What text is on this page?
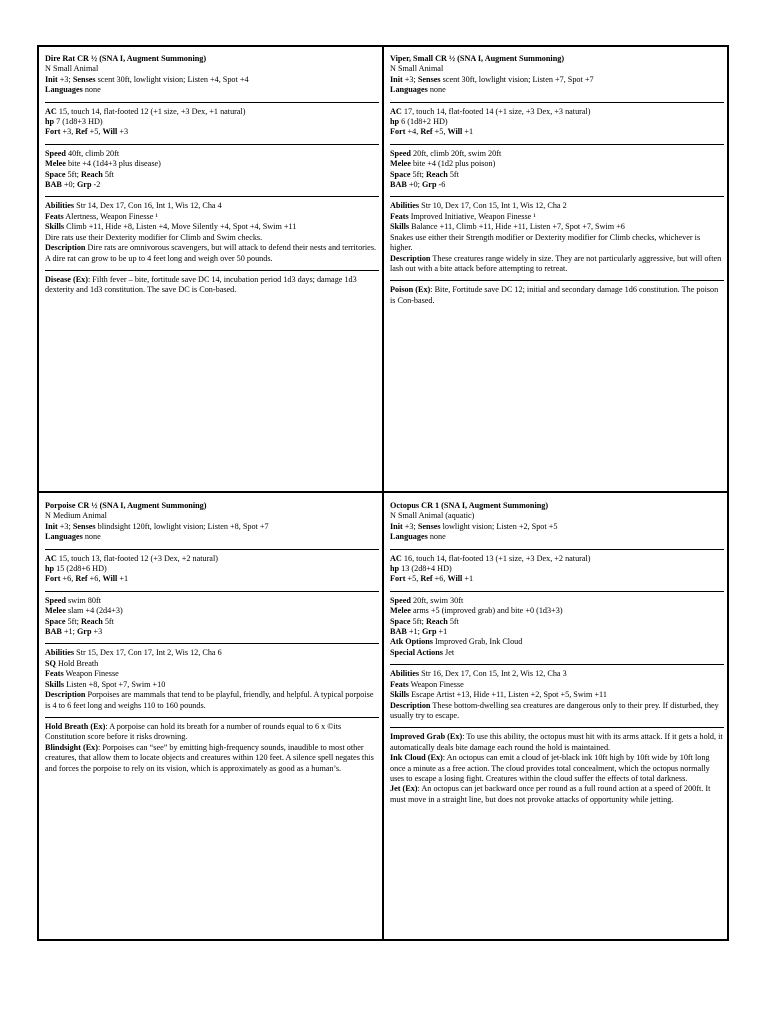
Dire Rat CR ½ (SNA I, Augment Summoning)
N Small Animal
Init +3; Senses scent 30ft, lowlight vision; Listen +4, Spot +4
Languages none
AC 15, touch 14, flat-footed 12 (+1 size, +3 Dex, +1 natural)
hp 7 (1d8+3 HD)
Fort +3, Ref +5, Will +3
Speed 40ft, climb 20ft
Melee bite +4 (1d4+3 plus disease)
Space 5ft; Reach 5ft
BAB +0; Grp -2
Abilities Str 14, Dex 17, Con 16, Int 1, Wis 12, Cha 4
Feats Alertness, Weapon Finesse ¹
Skills Climb +11, Hide +8, Listen +4, Move Silently +4, Spot +4, Swim +11
Dire rats use their Dexterity modifier for Climb and Swim checks.
Description Dire rats are omnivorous scavengers, but will attack to defend their nests and territories. A dire rat can grow to be up to 4 feet long and weigh over 50 pounds.
Disease (Ex): Filth fever – bite, fortitude save DC 14, incubation period 1d3 days; damage 1d3 dexterity and 1d3 constitution. The save DC is Con-based.
Viper, Small CR ½ (SNA I, Augment Summoning)
N Small Animal
Init +3; Senses scent 30ft, lowlight vision; Listen +7, Spot +7
Languages none
AC 17, touch 14, flat-footed 14 (+1 size, +3 Dex, +3 natural)
hp 6 (1d8+2 HD)
Fort +4, Ref +5, Will +1
Speed 20ft, climb 20ft, swim 20ft
Melee bite +4 (1d2 plus poison)
Space 5ft; Reach 5ft
BAB +0; Grp -6
Abilities Str 10, Dex 17, Con 15, Int 1, Wis 12, Cha 2
Feats Improved Initiative, Weapon Finesse ¹
Skills Balance +11, Climb +11, Hide +11, Listen +7, Spot +7, Swim +6
Snakes use either their Strength modifier or Dexterity modifier for Climb checks, whichever is higher.
Description These creatures range widely in size. They are not particularly aggressive, but will often lash out with a bite attack before attempting to retreat.
Poison (Ex): Bite, Fortitude save DC 12; initial and secondary damage 1d6 constitution. The poison is Con-based.
Porpoise CR ½ (SNA I, Augment Summoning)
N Medium Animal
Init +3; Senses blindsight 120ft, lowlight vision; Listen +8, Spot +7
Languages none
AC 15, touch 13, flat-footed 12 (+3 Dex, +2 natural)
hp 15 (2d8+6 HD)
Fort +6, Ref +6, Will +1
Speed swim 80ft
Melee slam +4 (2d4+3)
Space 5ft; Reach 5ft
BAB +1; Grp +3
Abilities Str 15, Dex 17, Con 17, Int 2, Wis 12, Cha 6
SQ Hold Breath
Feats Weapon Finesse
Skills Listen +8, Spot +7, Swim +10
Description Porpoises are mammals that tend to be playful, friendly, and helpful. A typical porpoise is 4 to 6 feet long and weighs 110 to 160 pounds.
Hold Breath (Ex): A porpoise can hold its breath for a number of rounds equal to 6 x ©its Constitution score before it risks drowning.
Blindsight (Ex): Porpoises can “see” by emitting high-frequency sounds, inaudible to most other creatures, that allow them to locate objects and creatures within 120 feet. A silence spell negates this and forces the porpoise to rely on its vision, which is approximately as good as a human’s.
Octopus CR 1 (SNA I, Augment Summoning)
N Small Animal (aquatic)
Init +3; Senses lowlight vision; Listen +2, Spot +5
Languages none
AC 16, touch 14, flat-footed 13 (+1 size, +3 Dex, +2 natural)
hp 13 (2d8+4 HD)
Fort +5, Ref +6, Will +1
Speed 20ft, swim 30ft
Melee arms +5 (improved grab) and bite +0 (1d3+3)
Space 5ft; Reach 5ft
BAB +1; Grp +1
Atk Options Improved Grab, Ink Cloud
Special Actions Jet
Abilities Str 16, Dex 17, Con 15, Int 2, Wis 12, Cha 3
Feats Weapon Finesse
Skills Escape Artist +13, Hide +11, Listen +2, Spot +5, Swim +11
Description These bottom-dwelling sea creatures are dangerous only to their prey. If disturbed, they usually try to escape.
Improved Grab (Ex): To use this ability, the octopus must hit with its arms attack. If it gets a hold, it automatically deals bite damage each round the hold is maintained.
Ink Cloud (Ex): An octopus can emit a cloud of jet-black ink 10ft high by 10ft wide by 10ft long once a minute as a free action. The cloud provides total concealment, which the octopus normally uses to escape a losing fight. Creatures within the cloud suffer the effects of total darkness.
Jet (Ex): An octopus can jet backward once per round as a full round action at a speed of 200ft. It must move in a straight line, but does not provoke attacks of opportunity while jetting.
